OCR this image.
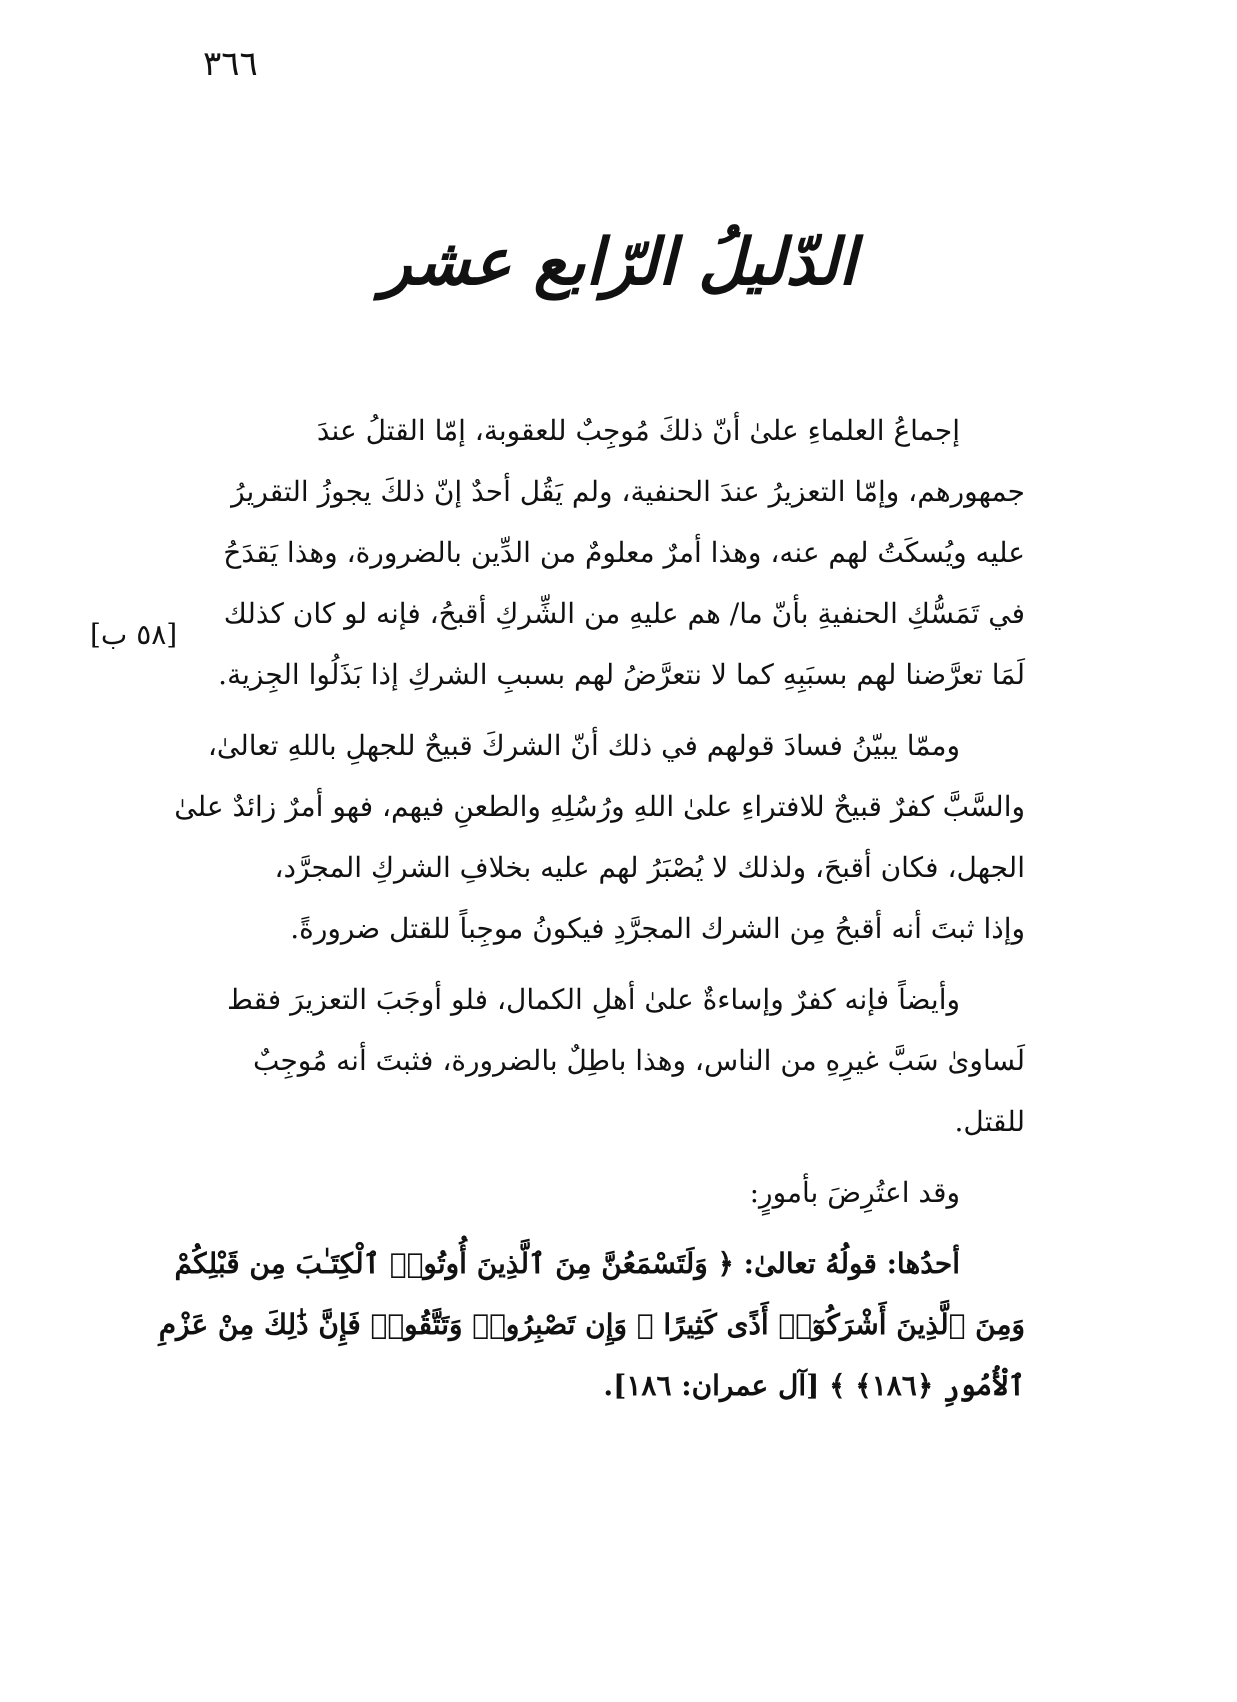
٣٦٦
الدّليلُ الرّابع عشر
[٥٨ ب]

إجماعُ العلماءِ علىٰ أنّ ذلكَ مُوجِبٌ للعقوبة، إمّا القتلُ عندَ
جمهورهم، وإمّا التعزيرُ عندَ الحنفية، ولم يَقُل أحدٌ إنّ ذلكَ يجوزُ التقريرُ
عليه ويُسكَتُ لهم عنه، وهذا أمرٌ معلومٌ من الدِّين بالضرورة، وهذا يَقدَحُ
في تَمَسُّكِ الحنفيةِ بأنّ ما/ هم عليهِ من الشِّركِ أقبحُ، فإنه لو كان كذلك
لَمَا تعرَّضنا لهم بسبَبِهِ كما لا نتعرَّضُ لهم بسببِ الشركِ إذا بَذَلُوا الجِزية.

وممّا يبيّنُ فسادَ قولهم في ذلك أنّ الشركَ قبيحٌ للجهلِ باللهِ تعالىٰ،
والسَّبَّ كفرٌ قبيحٌ للافتراءِ علىٰ اللهِ ورُسُلِهِ والطعنِ فيهم، فهو أمرٌ زائدٌ علىٰ
الجهل، فكان أقبحَ، ولذلك لا يُصْبَرُ لهم عليه بخلافِ الشركِ المجرَّد،
وإذا ثبتَ أنه أقبحُ مِن الشرك المجرَّدِ فيكونُ موجِباً للقتل ضرورةً.

وأيضاً فإنه كفرٌ وإساءةٌ علىٰ أهلِ الكمال، فلو أوجَبَ التعزيرَ فقط
لَساوىٰ سَبَّ غيرِهِ من الناس، وهذا باطِلٌ بالضرورة، فثبتَ أنه مُوجِبٌ
للقتل.

وقد اعتُرِضَ بأمورٍ:

أحدُها: قولُهُ تعالىٰ: ﴿ وَلَتَسْمَعُنَّ مِنَ ٱلَّذِينَ أُوتُوا۟ ٱلْكِتَـٰبَ مِن قَبْلِكُمْ
وَمِنَ ٱلَّذِينَ أَشْرَكُوٓا۟ أَذًى كَثِيرًا ۚ وَإِن تَصْبِرُوا۟ وَتَتَّقُوا۟ فَإِنَّ ذَٰلِكَ مِنْ عَزْمِ
ٱلْأُمُورِ ﴿١٨٦﴾ ﴾ [آل عمران: ١٨٦].
